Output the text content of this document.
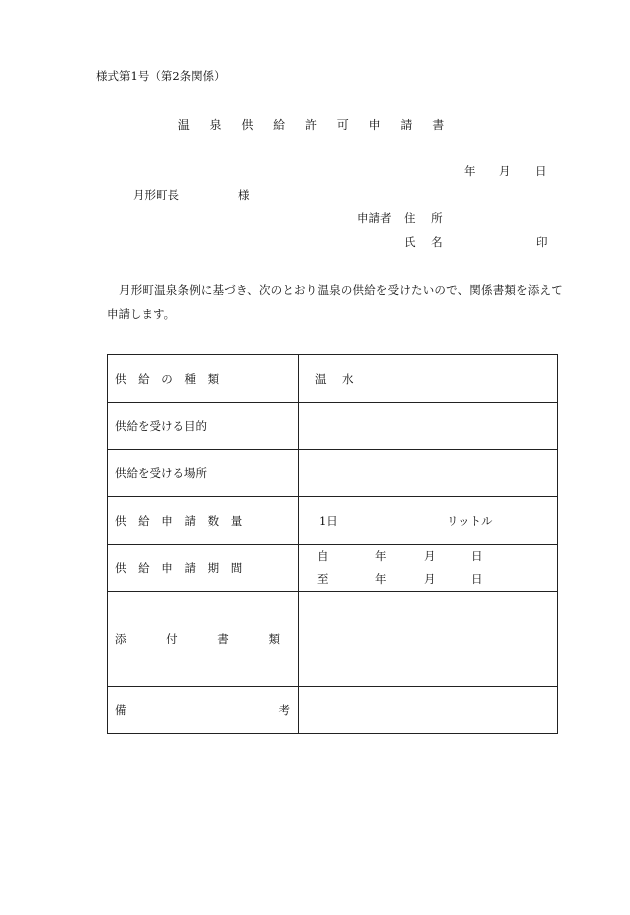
様式第1号（第2条関係）
温 泉 供 給 許 可 申 請 書
年 月 日
月形町長	様
申請者 住 所
氏 名	印
月形町温泉条例に基づき、次のとおり温泉の供給を受けたいので、関係書類を添えて
申請します。
供 給 の 種 類	温　水
供給を受ける目的	
供給を受ける場所	
供 給 申 請 数 量	1日 リットル
供 給 申 請 期 間	自 年 月 日
至 年 月 日

添 付 書 類	

備 考	
